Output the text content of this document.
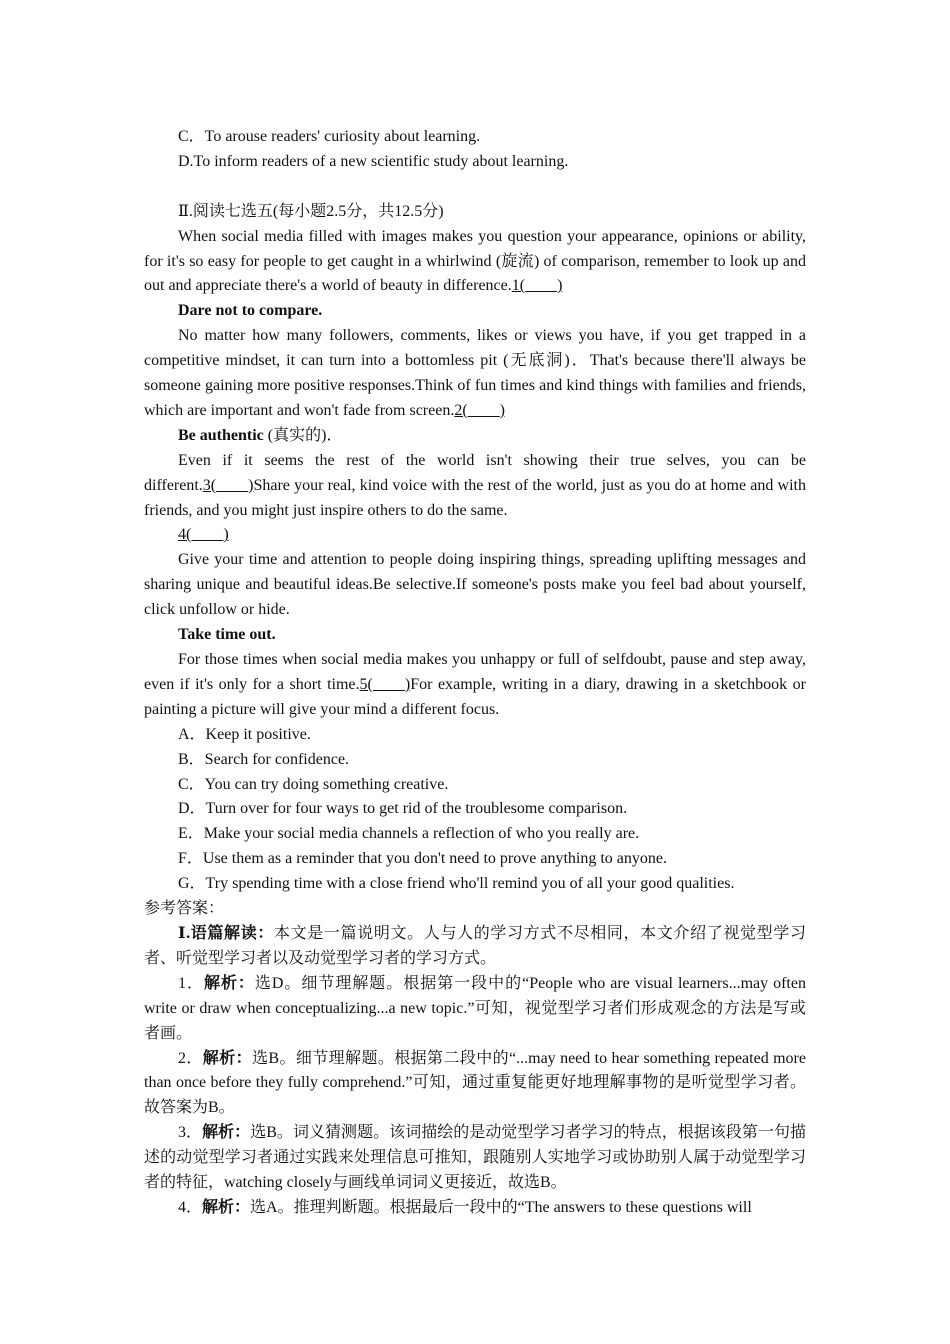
C．To arouse readers' curiosity about learning.

D.To inform readers of a new scientific study about learning.

Ⅱ.阅读七选五(每小题2.5分，共12.5分)

When social media filled with images makes you question your appearance, opinions or ability, for it's so easy for people to get caught in a whirlwind (旋流) of comparison, remember to look up and out and appreciate there's a world of beauty in difference.1(____)

Dare not to compare.

No matter how many followers, comments, likes or views you have, if you get trapped in a competitive mindset, it can turn into a bottomless pit (无底洞)．That's because there'll always be someone gaining more positive responses.Think of fun times and kind things with families and friends, which are important and won't fade from screen.2(____)

Be authentic (真实的)．

Even if it seems the rest of the world isn't showing their true selves, you can be different.3(____)Share your real, kind voice with the rest of the world, just as you do at home and with friends, and you might just inspire others to do the same.

4(____)

Give your time and attention to people doing inspiring things, spreading uplifting messages and sharing unique and beautiful ideas.Be selective.If someone's posts make you feel bad about yourself, click unfollow or hide.

Take time out.

For those times when social media makes you unhappy or full of selfdoubt, pause and step away, even if it's only for a short time.5(____)For example, writing in a diary, drawing in a sketchbook or painting a picture will give your mind a different focus.

A．Keep it positive.

B．Search for confidence.

C．You can try doing something creative.

D．Turn over for four ways to get rid of the troublesome comparison.

E．Make your social media channels a reflection of who you really are.

F．Use them as a reminder that you don't need to prove anything to anyone.

G．Try spending time with a close friend who'll remind you of all your good qualities.

参考答案：

Ⅰ.语篇解读：本文是一篇说明文。人与人的学习方式不尽相同，本文介绍了视觉型学习者、听觉型学习者以及动觉型学习者的学习方式。

1．解析：选D。细节理解题。根据第一段中的“People who are visual learners...may often write or draw when conceptualizing...a new topic.”可知，视觉型学习者们形成观念的方法是写或者画。

2．解析：选B。细节理解题。根据第二段中的“...may need to hear something repeated more than once before they fully comprehend.”可知，通过重复能更好地理解事物的是听觉型学习者。故答案为B。

3．解析：选B。词义猜测题。该词描绘的是动觉型学习者学习的特点，根据该段第一句描述的动觉型学习者通过实践来处理信息可推知，跟随别人实地学习或协助别人属于动觉型学习者的特征，watching closely与画线单词词义更接近，故选B。

4．解析：选A。推理判断题。根据最后一段中的“The answers to these questions will
